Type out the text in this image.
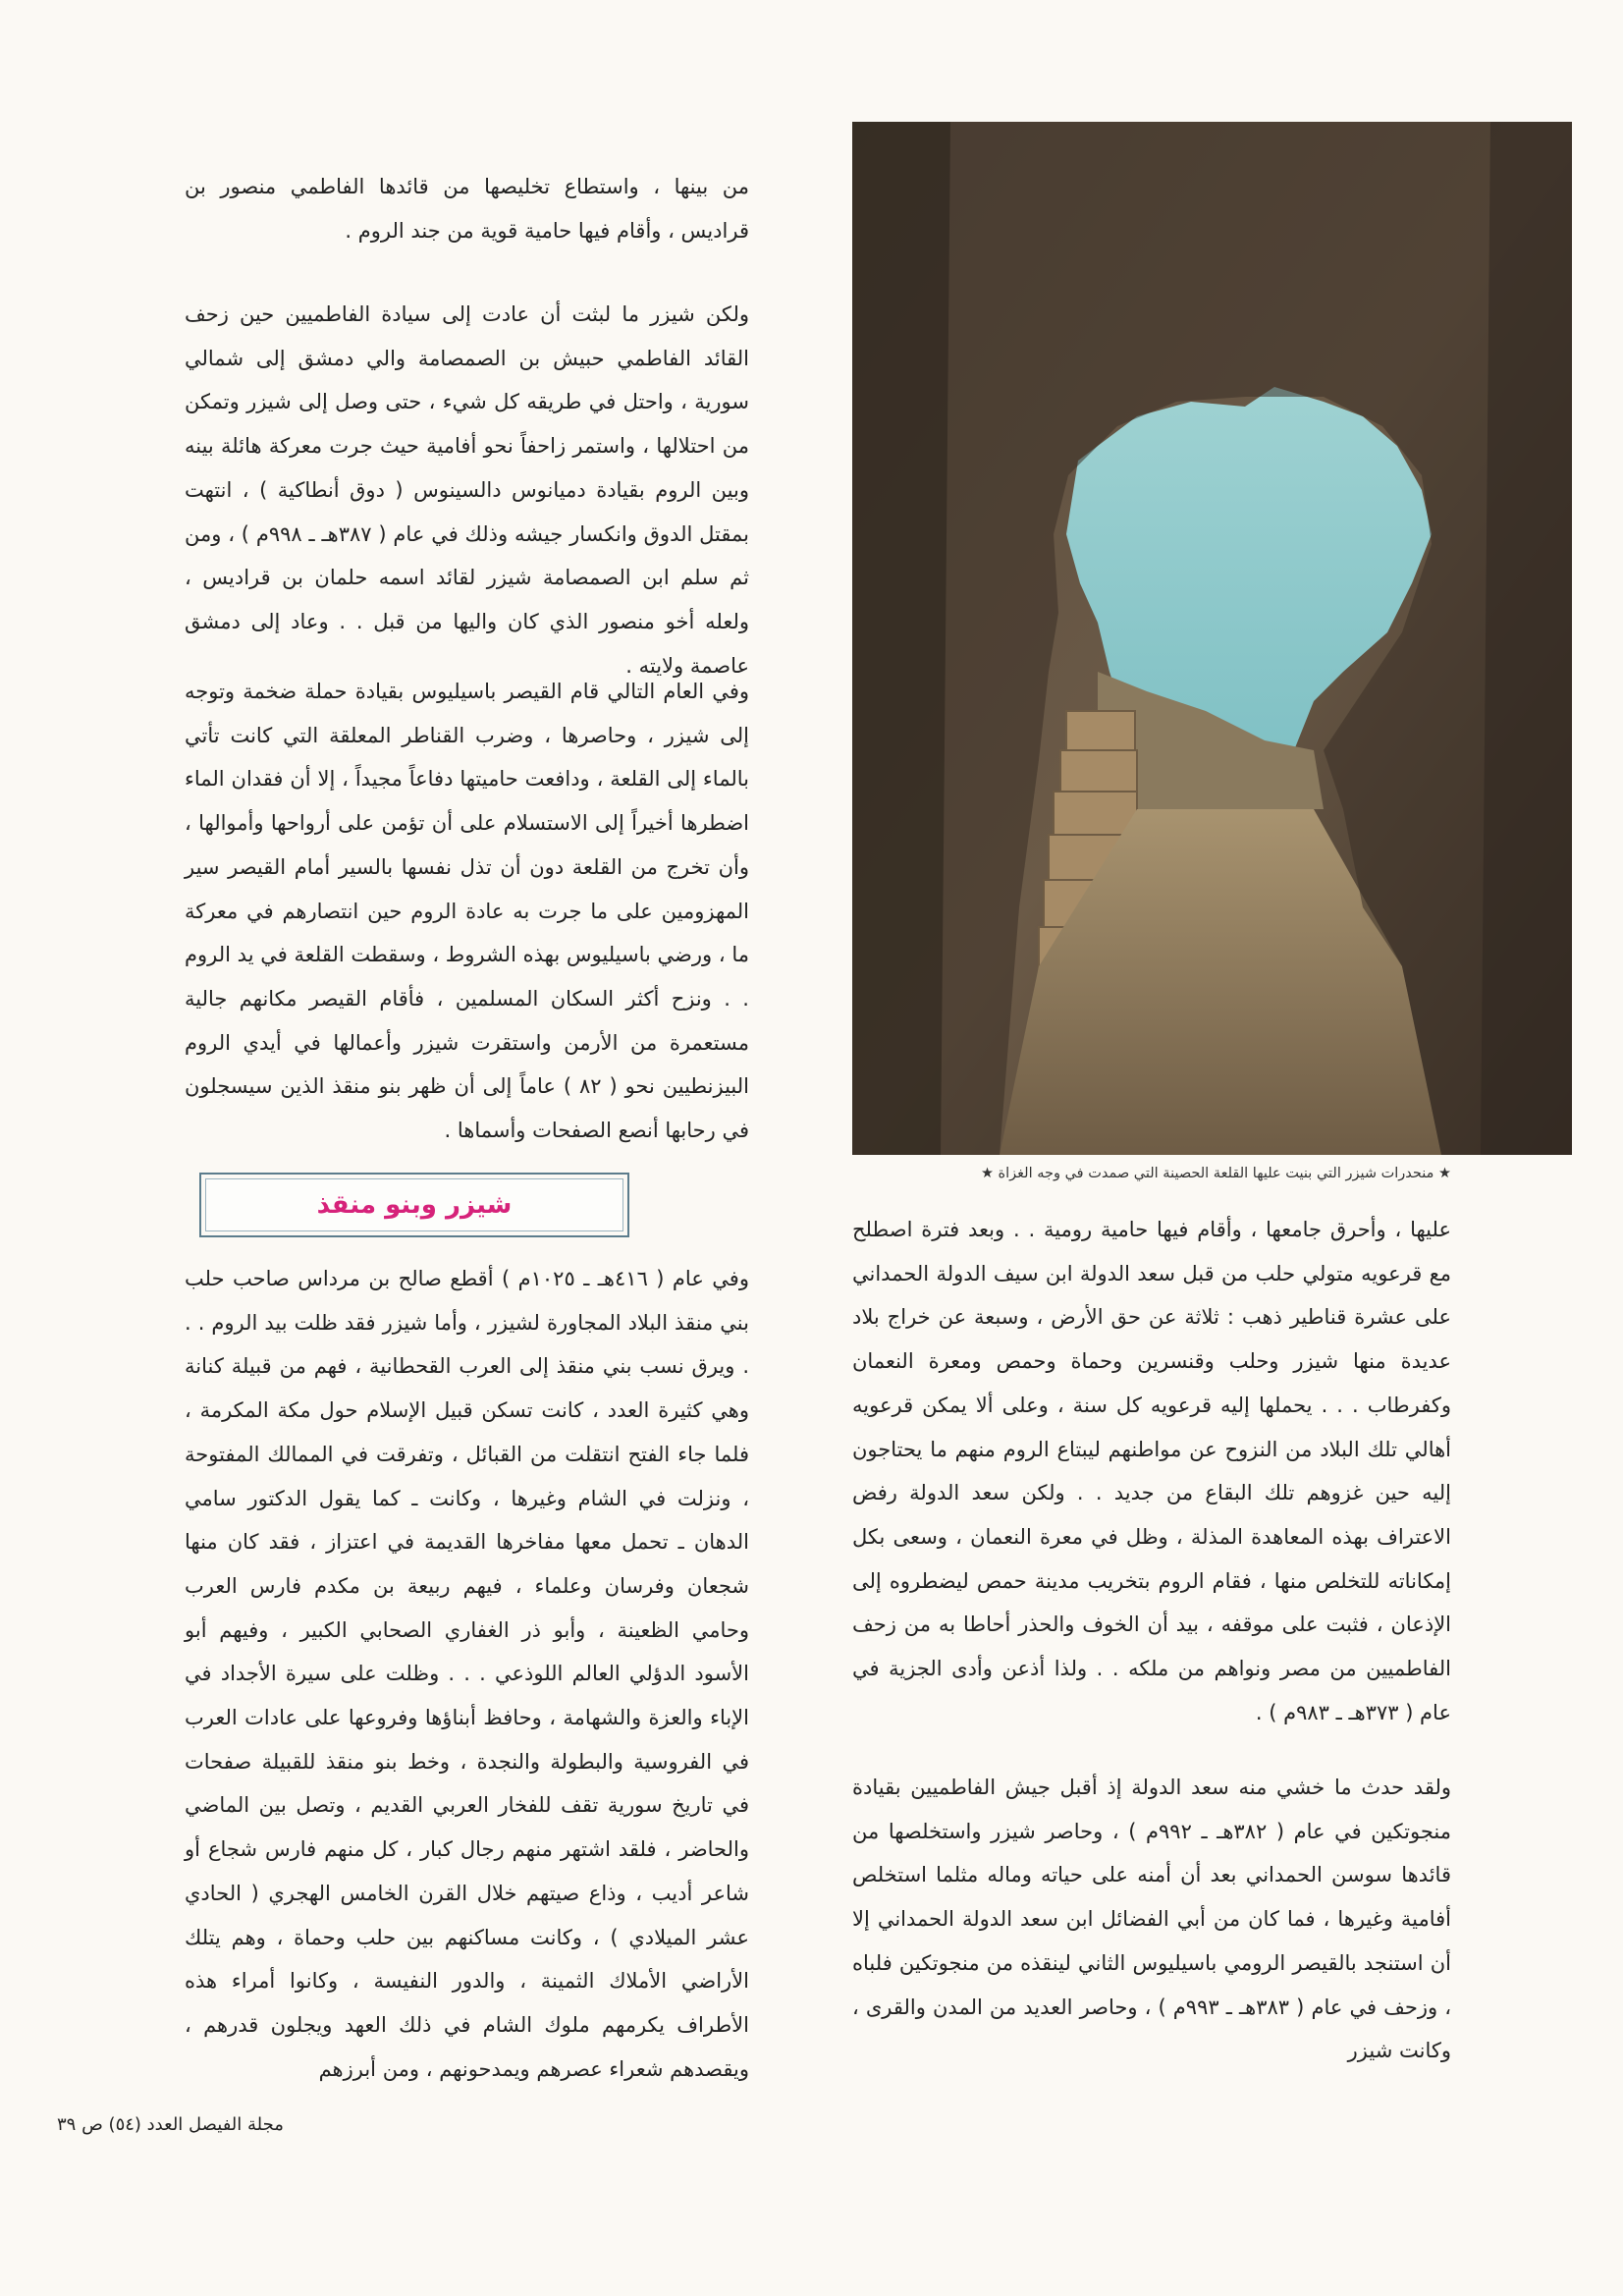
من بينها ، واستطاع تخليصها من قائدها الفاطمي منصور بن قراديس ، وأقام فيها حامية قوية من جند الروم .

ولكن شيزر ما لبثت أن عادت إلى سيادة الفاطميين حين زحف القائد الفاطمي حبيش بن الصمصامة والي دمشق إلى شمالي سورية ، واحتل في طريقه كل شيء ، حتى وصل إلى شيزر وتمكن من احتلالها ، واستمر زاحفاً نحو أفامية حيث جرت معركة هائلة بينه وبين الروم بقيادة دميانوس دالسينوس ( دوق أنطاكية ) ، انتهت بمقتل الدوق وانكسار جيشه وذلك في عام ( ٣٨٧هـ ـ ٩٩٨م ) ، ومن ثم سلم ابن الصمصامة شيزر لقائد اسمه حلمان بن قراديس ، ولعله أخو منصور الذي كان واليها من قبل . . وعاد إلى دمشق عاصمة ولايته .

وفي العام التالي قام القيصر باسيليوس بقيادة حملة ضخمة وتوجه إلى شيزر ، وحاصرها ، وضرب القناطر المعلقة التي كانت تأتي بالماء إلى القلعة ، ودافعت حاميتها دفاعاً مجيداً ، إلا أن فقدان الماء اضطرها أخيراً إلى الاستسلام على أن تؤمن على أرواحها وأموالها ، وأن تخرج من القلعة دون أن تذل نفسها بالسير أمام القيصر سير المهزومين على ما جرت به عادة الروم حين انتصارهم في معركة ما ، ورضي باسيليوس بهذه الشروط ، وسقطت القلعة في يد الروم . . ونزح أكثر السكان المسلمين ، فأقام القيصر مكانهم جالية مستعمرة من الأرمن واستقرت شيزر وأعمالها في أيدي الروم البيزنطيين نحو ( ٨٢ ) عاماً إلى أن ظهر بنو منقذ الذين سيسجلون في رحابها أنصع الصفحات وأسماها .

وفي عام ( ٤١٦هـ ـ ١٠٢٥م ) أقطع صالح بن مرداس صاحب حلب بني منقذ البلاد المجاورة لشيزر ، وأما شيزر فقد ظلت بيد الروم . . . ويرق نسب بني منقذ إلى العرب القحطانية ، فهم من قبيلة كنانة وهي كثيرة العدد ، كانت تسكن قبيل الإسلام حول مكة المكرمة ، فلما جاء الفتح انتقلت من القبائل ، وتفرقت في الممالك المفتوحة ، ونزلت في الشام وغيرها ، وكانت ـ كما يقول الدكتور سامي الدهان ـ تحمل معها مفاخرها القديمة في اعتزاز ، فقد كان منها شجعان وفرسان وعلماء ، فيهم ربيعة بن مكدم فارس العرب وحامي الظعينة ، وأبو ذر الغفاري الصحابي الكبير ، وفيهم أبو الأسود الدؤلي العالم اللوذعي . . . وظلت على سيرة الأجداد في الإباء والعزة والشهامة ، وحافظ أبناؤها وفروعها على عادات العرب في الفروسية والبطولة والنجدة ، وخط بنو منقذ للقبيلة صفحات في تاريخ سورية تقف للفخار العربي القديم ، وتصل بين الماضي والحاضر ، فلقد اشتهر منهم رجال كبار ، كل منهم فارس شجاع أو شاعر أديب ، وذاع صيتهم خلال القرن الخامس الهجري ( الحادي عشر الميلادي ) ، وكانت مساكنهم بين حلب وحماة ، وهم يتلك الأراضي الأملاك الثمينة ، والدور النفيسة ، وكانوا أمراء هذه الأطراف يكرمهم ملوك الشام في ذلك العهد ويجلون قدرهم ، ويقصدهم شعراء عصرهم ويمدحونهم ، ومن أبرزهم

شيزر وبنو منقذ
★ منحدرات شيزر التي بنيت عليها القلعة الحصينة التي صمدت في وجه الغزاة ★

عليها ، وأحرق جامعها ، وأقام فيها حامية رومية . . وبعد فترة اصطلح مع قرعويه متولي حلب من قبل سعد الدولة ابن سيف الدولة الحمداني على عشرة قناطير ذهب : ثلاثة عن حق الأرض ، وسبعة عن خراج بلاد عديدة منها شيزر وحلب وقنسرين وحماة وحمص ومعرة النعمان وكفرطاب . . . يحملها إليه قرعويه كل سنة ، وعلى ألا يمكن قرعويه أهالي تلك البلاد من النزوح عن مواطنهم ليبتاع الروم منهم ما يحتاجون إليه حين غزوهم تلك البقاع من جديد . . ولكن سعد الدولة رفض الاعتراف بهذه المعاهدة المذلة ، وظل في معرة النعمان ، وسعى بكل إمكاناته للتخلص منها ، فقام الروم بتخريب مدينة حمص ليضطروه إلى الإذعان ، فثبت على موقفه ، بيد أن الخوف والحذر أحاطا به من زحف الفاطميين من مصر ونواهم من ملكه . . ولذا أذعن وأدى الجزية في عام ( ٣٧٣هـ ـ ٩٨٣م ) .

ولقد حدث ما خشي منه سعد الدولة إذ أقبل جيش الفاطميين بقيادة منجوتكين في عام ( ٣٨٢هـ ـ ٩٩٢م ) ، وحاصر شيزر واستخلصها من قائدها سوسن الحمداني بعد أن أمنه على حياته وماله مثلما استخلص أفامية وغيرها ، فما كان من أبي الفضائل ابن سعد الدولة الحمداني إلا أن استنجد بالقيصر الرومي باسيليوس الثاني لينقذه من منجوتكين فلباه ، وزحف في عام ( ٣٨٣هـ ـ ٩٩٣م ) ، وحاصر العديد من المدن والقرى ، وكانت شيزر

مجلة الفيصل العدد (٥٤) ص ٣٩
